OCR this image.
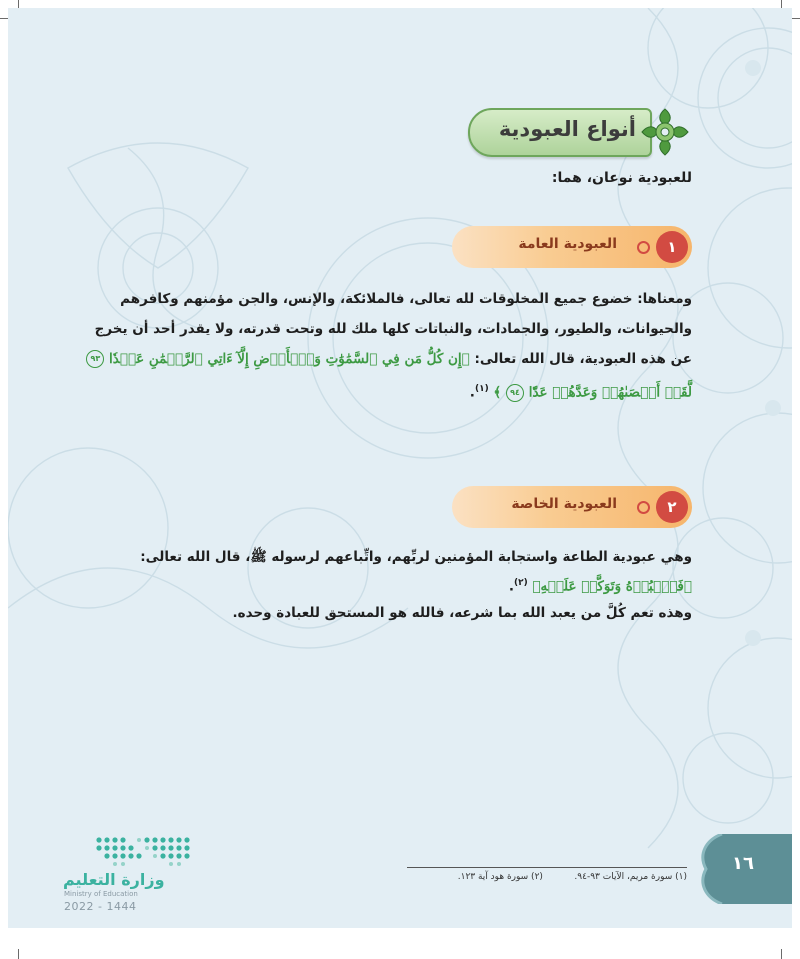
أنواع العبودية
للعبودية نوعان، هما:
١
العبودية العامة

ومعناها: خضوع جميع المخلوقات لله تعالى، فالملائكة، والإنس، والجن مؤمنهم وكافرهم

والحيوانات، والطيور، والجمادات، والنباتات كلها ملك لله وتحت قدرته، ولا يقدر أحد أن يخرج

عن هذه العبودية، قال الله تعالى: ﴿إِن كُلُّ مَن فِي ٱلسَّمَٰوَٰتِ وَٱلۡأَرۡضِ إِلَّآ ءَاتِي ٱلرَّحۡمَٰنِ عَبۡدٗا ٩٣

لَّقَدۡ أَحۡصَىٰهُمۡ وَعَدَّهُمۡ عَدّٗا ٩٤ ﴾ $^{(١)}$.

٢
العبودية الخاصة

وهي عبودية الطاعة واستجابة المؤمنين لربِّهم، واتِّباعهم لرسوله ﷺ، قال الله تعالى:

﴿فَٱعۡبُدۡهُ وَتَوَكَّلۡ عَلَيۡهِ﴾ $^{(٢)}$.

وهذه تعم كُلَّ من يعبد الله بما شرعه، فالله هو المستحق للعبادة وحده.

(١) سورة مريم، الآيات ٩٣-٩٤.           (٢) سورة هود آية ١٢٣.
١٦
وزارة التعليم
Ministry of Education
2022 - 1444
